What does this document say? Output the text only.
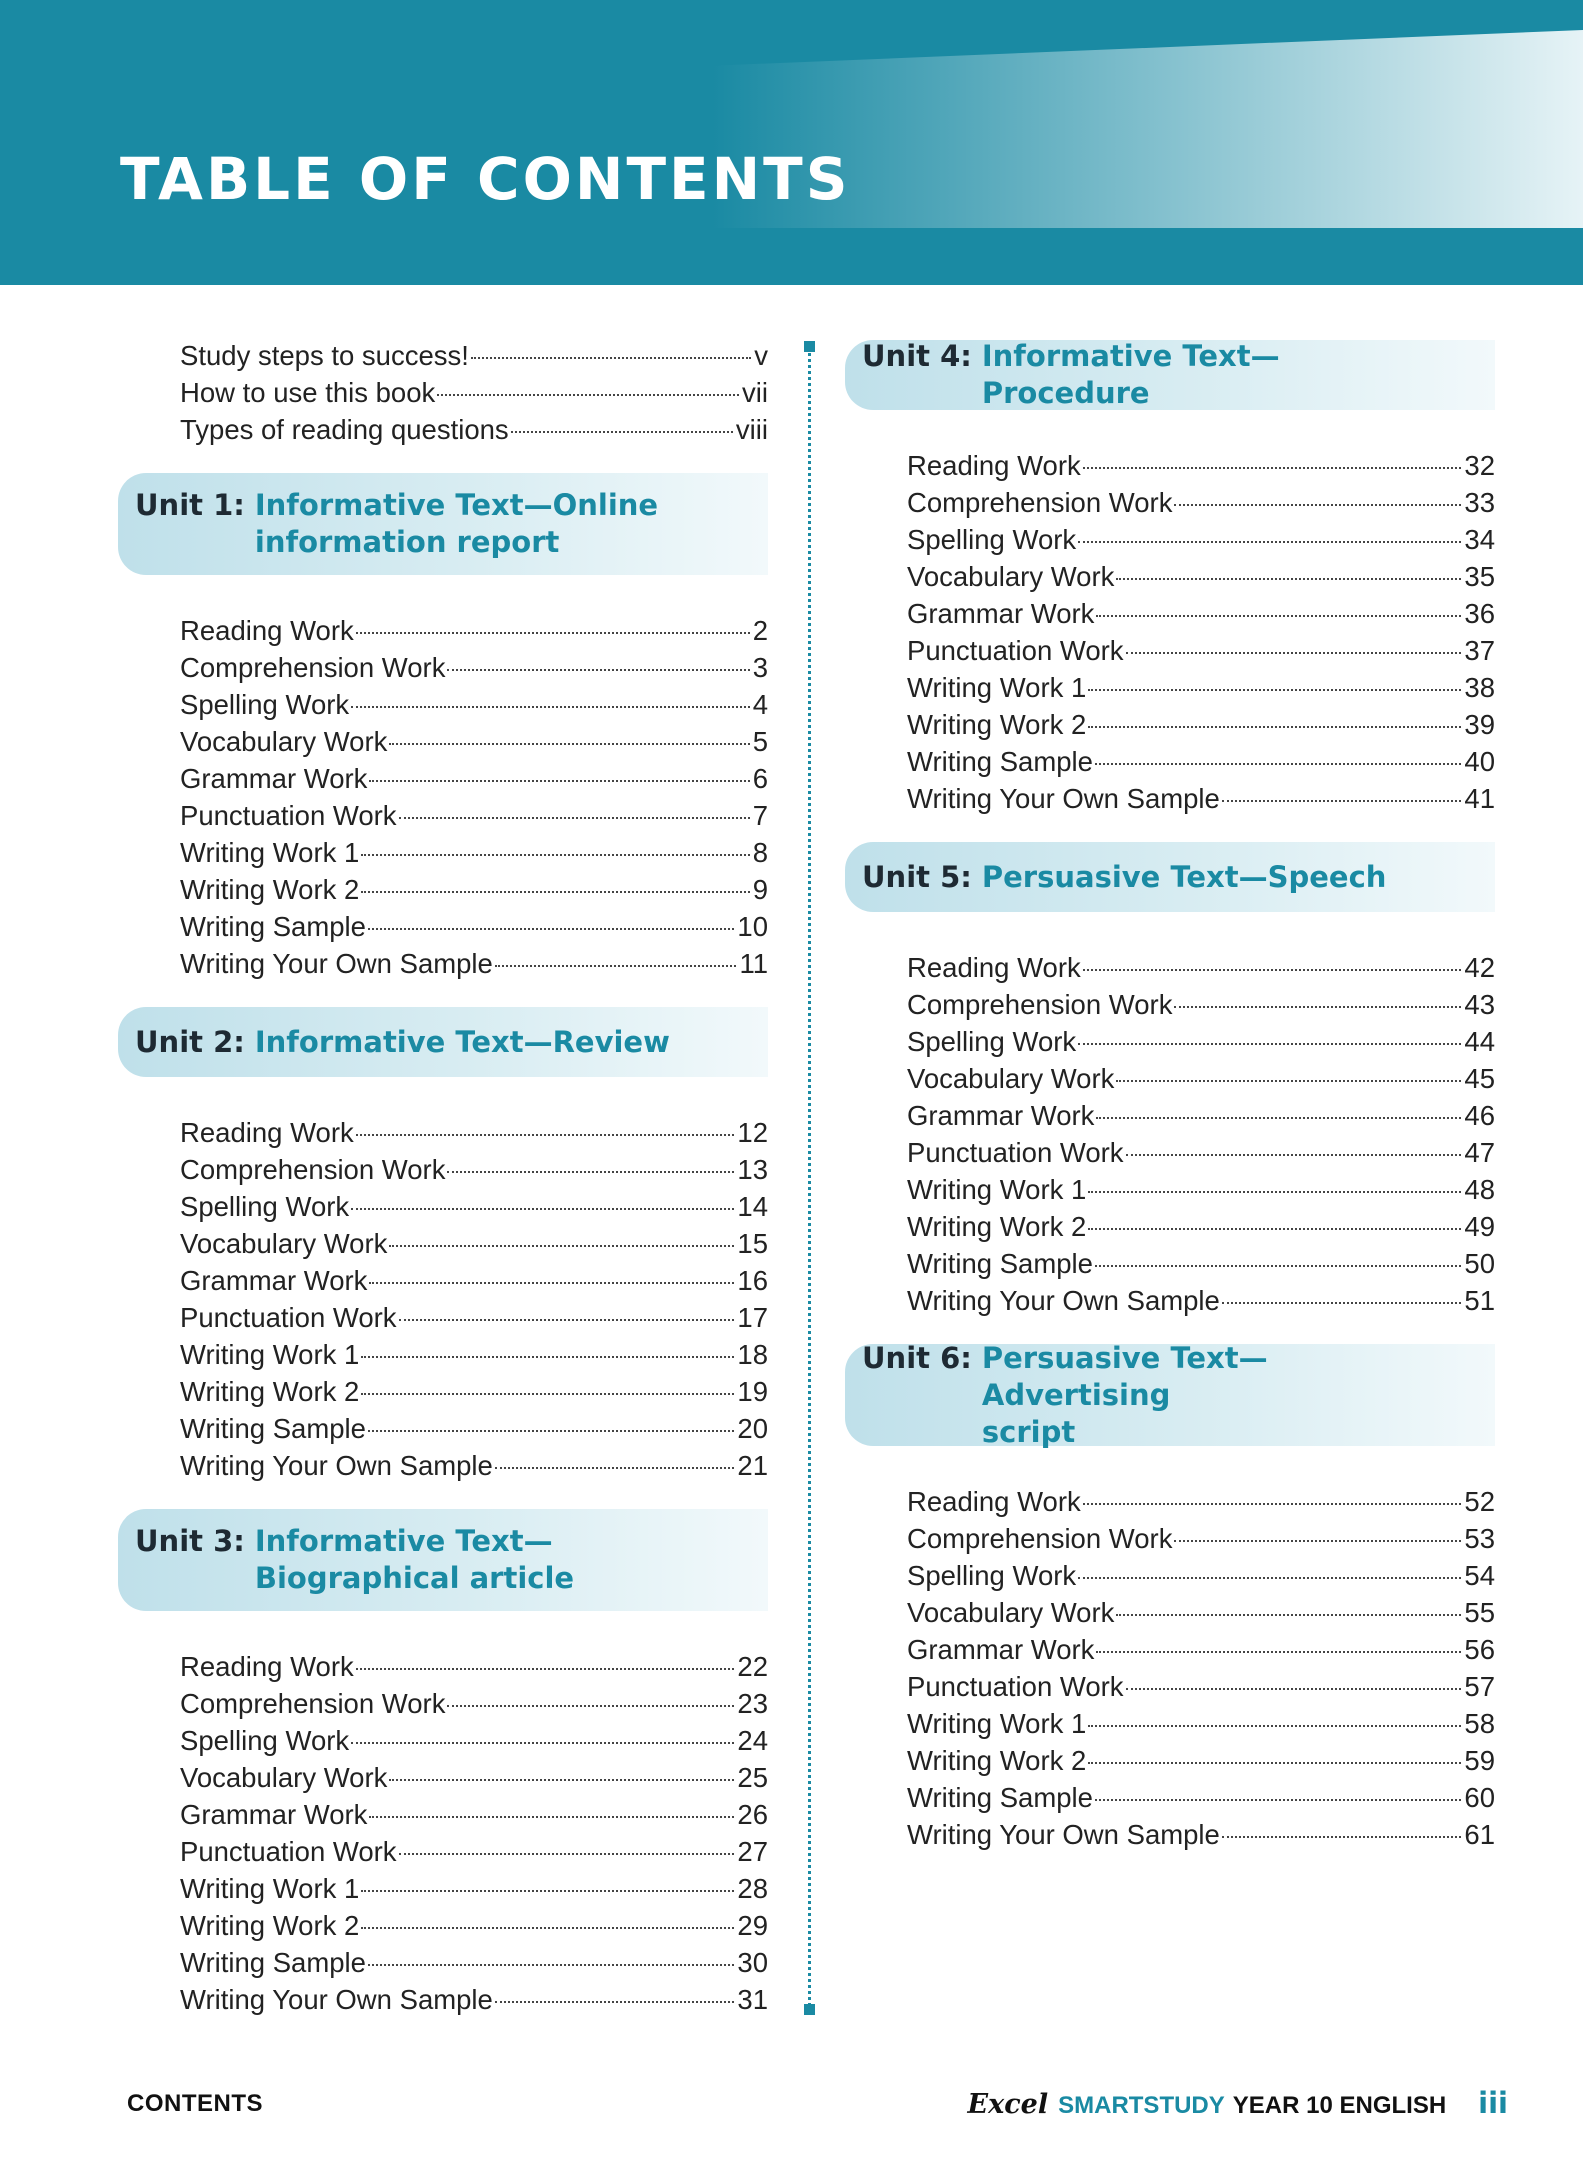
TABLE OF CONTENTS
Study steps to success!	v
How to use this book	vii
Types of reading questions	viii
Unit 1: Informative Text—Online
information report
Reading Work	2
Comprehension Work	3
Spelling Work	4
Vocabulary Work	5
Grammar Work	6
Punctuation Work	7
Writing Work 1	8
Writing Work 2	9
Writing Sample	10
Writing Your Own Sample	11
Unit 2: Informative Text—Review
Reading Work	12
Comprehension Work	13
Spelling Work	14
Vocabulary Work	15
Grammar Work	16
Punctuation Work	17
Writing Work 1	18
Writing Work 2	19
Writing Sample	20
Writing Your Own Sample	21
Unit 3: Informative Text—
Biographical article
Reading Work	22
Comprehension Work	23
Spelling Work	24
Vocabulary Work	25
Grammar Work	26
Punctuation Work	27
Writing Work 1	28
Writing Work 2	29
Writing Sample	30
Writing Your Own Sample	31
Unit 4: Informative Text—Procedure
Reading Work	32
Comprehension Work	33
Spelling Work	34
Vocabulary Work	35
Grammar Work	36
Punctuation Work	37
Writing Work 1	38
Writing Work 2	39
Writing Sample	40
Writing Your Own Sample	41
Unit 5: Persuasive Text—Speech
Reading Work	42
Comprehension Work	43
Spelling Work	44
Vocabulary Work	45
Grammar Work	46
Punctuation Work	47
Writing Work 1	48
Writing Work 2	49
Writing Sample	50
Writing Your Own Sample	51
Unit 6: Persuasive Text—Advertising
script
Reading Work	52
Comprehension Work	53
Spelling Work	54
Vocabulary Work	55
Grammar Work	56
Punctuation Work	57
Writing Work 1	58
Writing Work 2	59
Writing Sample	60
Writing Your Own Sample	61
CONTENTS	Excel SMARTSTUDY YEAR 10 ENGLISH iii
